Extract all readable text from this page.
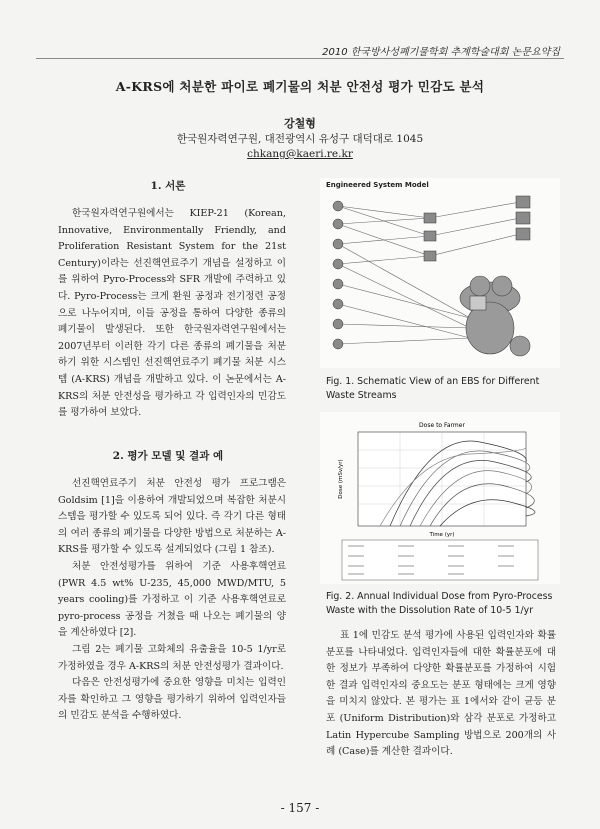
2010 한국방사성폐기물학회 추계학술대회 논문요약집
A-KRS에 처분한 파이로 폐기물의 처분 안전성 평가 민감도 분석
강철형
한국원자력연구원, 대전광역시 유성구 대덕대로 1045
chkang@kaeri.re.kr
1. 서론

한국원자력연구원에서는 KIEP-21 (Korean, Innovative, Environmentally Friendly, and Proliferation Resistant System for the 21st Century)이라는 선진핵연료주기 개념을 설정하고 이를 위하여 Pyro-Process와 SFR 개발에 주력하고 있다. Pyro-Process는 크게 환원 공정과 전기정련 공정으로 나누어지며, 이들 공정을 통하여 다양한 종류의 폐기물이 발생된다. 또한 한국원자력연구원에서는 2007년부터 이러한 각기 다른 종류의 폐기물을 처분하기 위한 시스템인 선진핵연료주기 폐기물 처분 시스템 (A-KRS) 개념을 개발하고 있다. 이 논문에서는 A-KRS의 처분 안전성을 평가하고 각 입력인자의 민감도를 평가하여 보았다.

2. 평가 모델 및 결과 예

선진핵연료주기 처분 안전성 평가 프로그램은 Goldsim [1]을 이용하여 개발되었으며 복잡한 처분시스템을 평가할 수 있도록 되어 있다. 즉 각기 다른 형태의 여러 종류의 폐기물을 다양한 방법으로 처분하는 A-KRS를 평가할 수 있도록 설계되었다 (그림 1 참조).

처분 안전성평가를 위하여 기준 사용후핵연료 (PWR 4.5 wt% U-235, 45,000 MWD/MTU, 5 years cooling)를 가정하고 이 기준 사용후핵연료로 pyro-process 공정을 거쳤을 때 나오는 폐기물의 양을 계산하였다 [2].

그림 2는 폐기물 고화체의 유출율을 10-5 1/yr로 가정하였을 경우 A-KRS의 처분 안전성평가 결과이다.

다음은 안전성평가에 중요한 영향을 미치는 입력인자를 확인하고 그 영향을 평가하기 위하여 입력인자들의 민감도 분석을 수행하였다.

Engineered System Model
Fig. 1. Schematic View of an EBS for Different Waste Streams
Dose to Farmer
Time (yr)
Dose (mSv/yr)
Fig. 2. Annual Individual Dose from Pyro-Process Waste with the Dissolution Rate of 10-5 1/yr

표 1에 민감도 분석 평가에 사용된 입력인자와 확률분포를 나타내었다. 입력인자들에 대한 확률분포에 대한 정보가 부족하여 다양한 확률분포를 가정하여 시험한 결과 입력인자의 중요도는 분포 형태에는 크게 영향을 미치지 않았다. 본 평가는 표 1에서와 같이 균등 분포 (Uniform Distribution)와 삼각 분포로 가정하고 Latin Hypercube Sampling 방법으로 200개의 사례 (Case)를 계산한 결과이다.

- 157 -
